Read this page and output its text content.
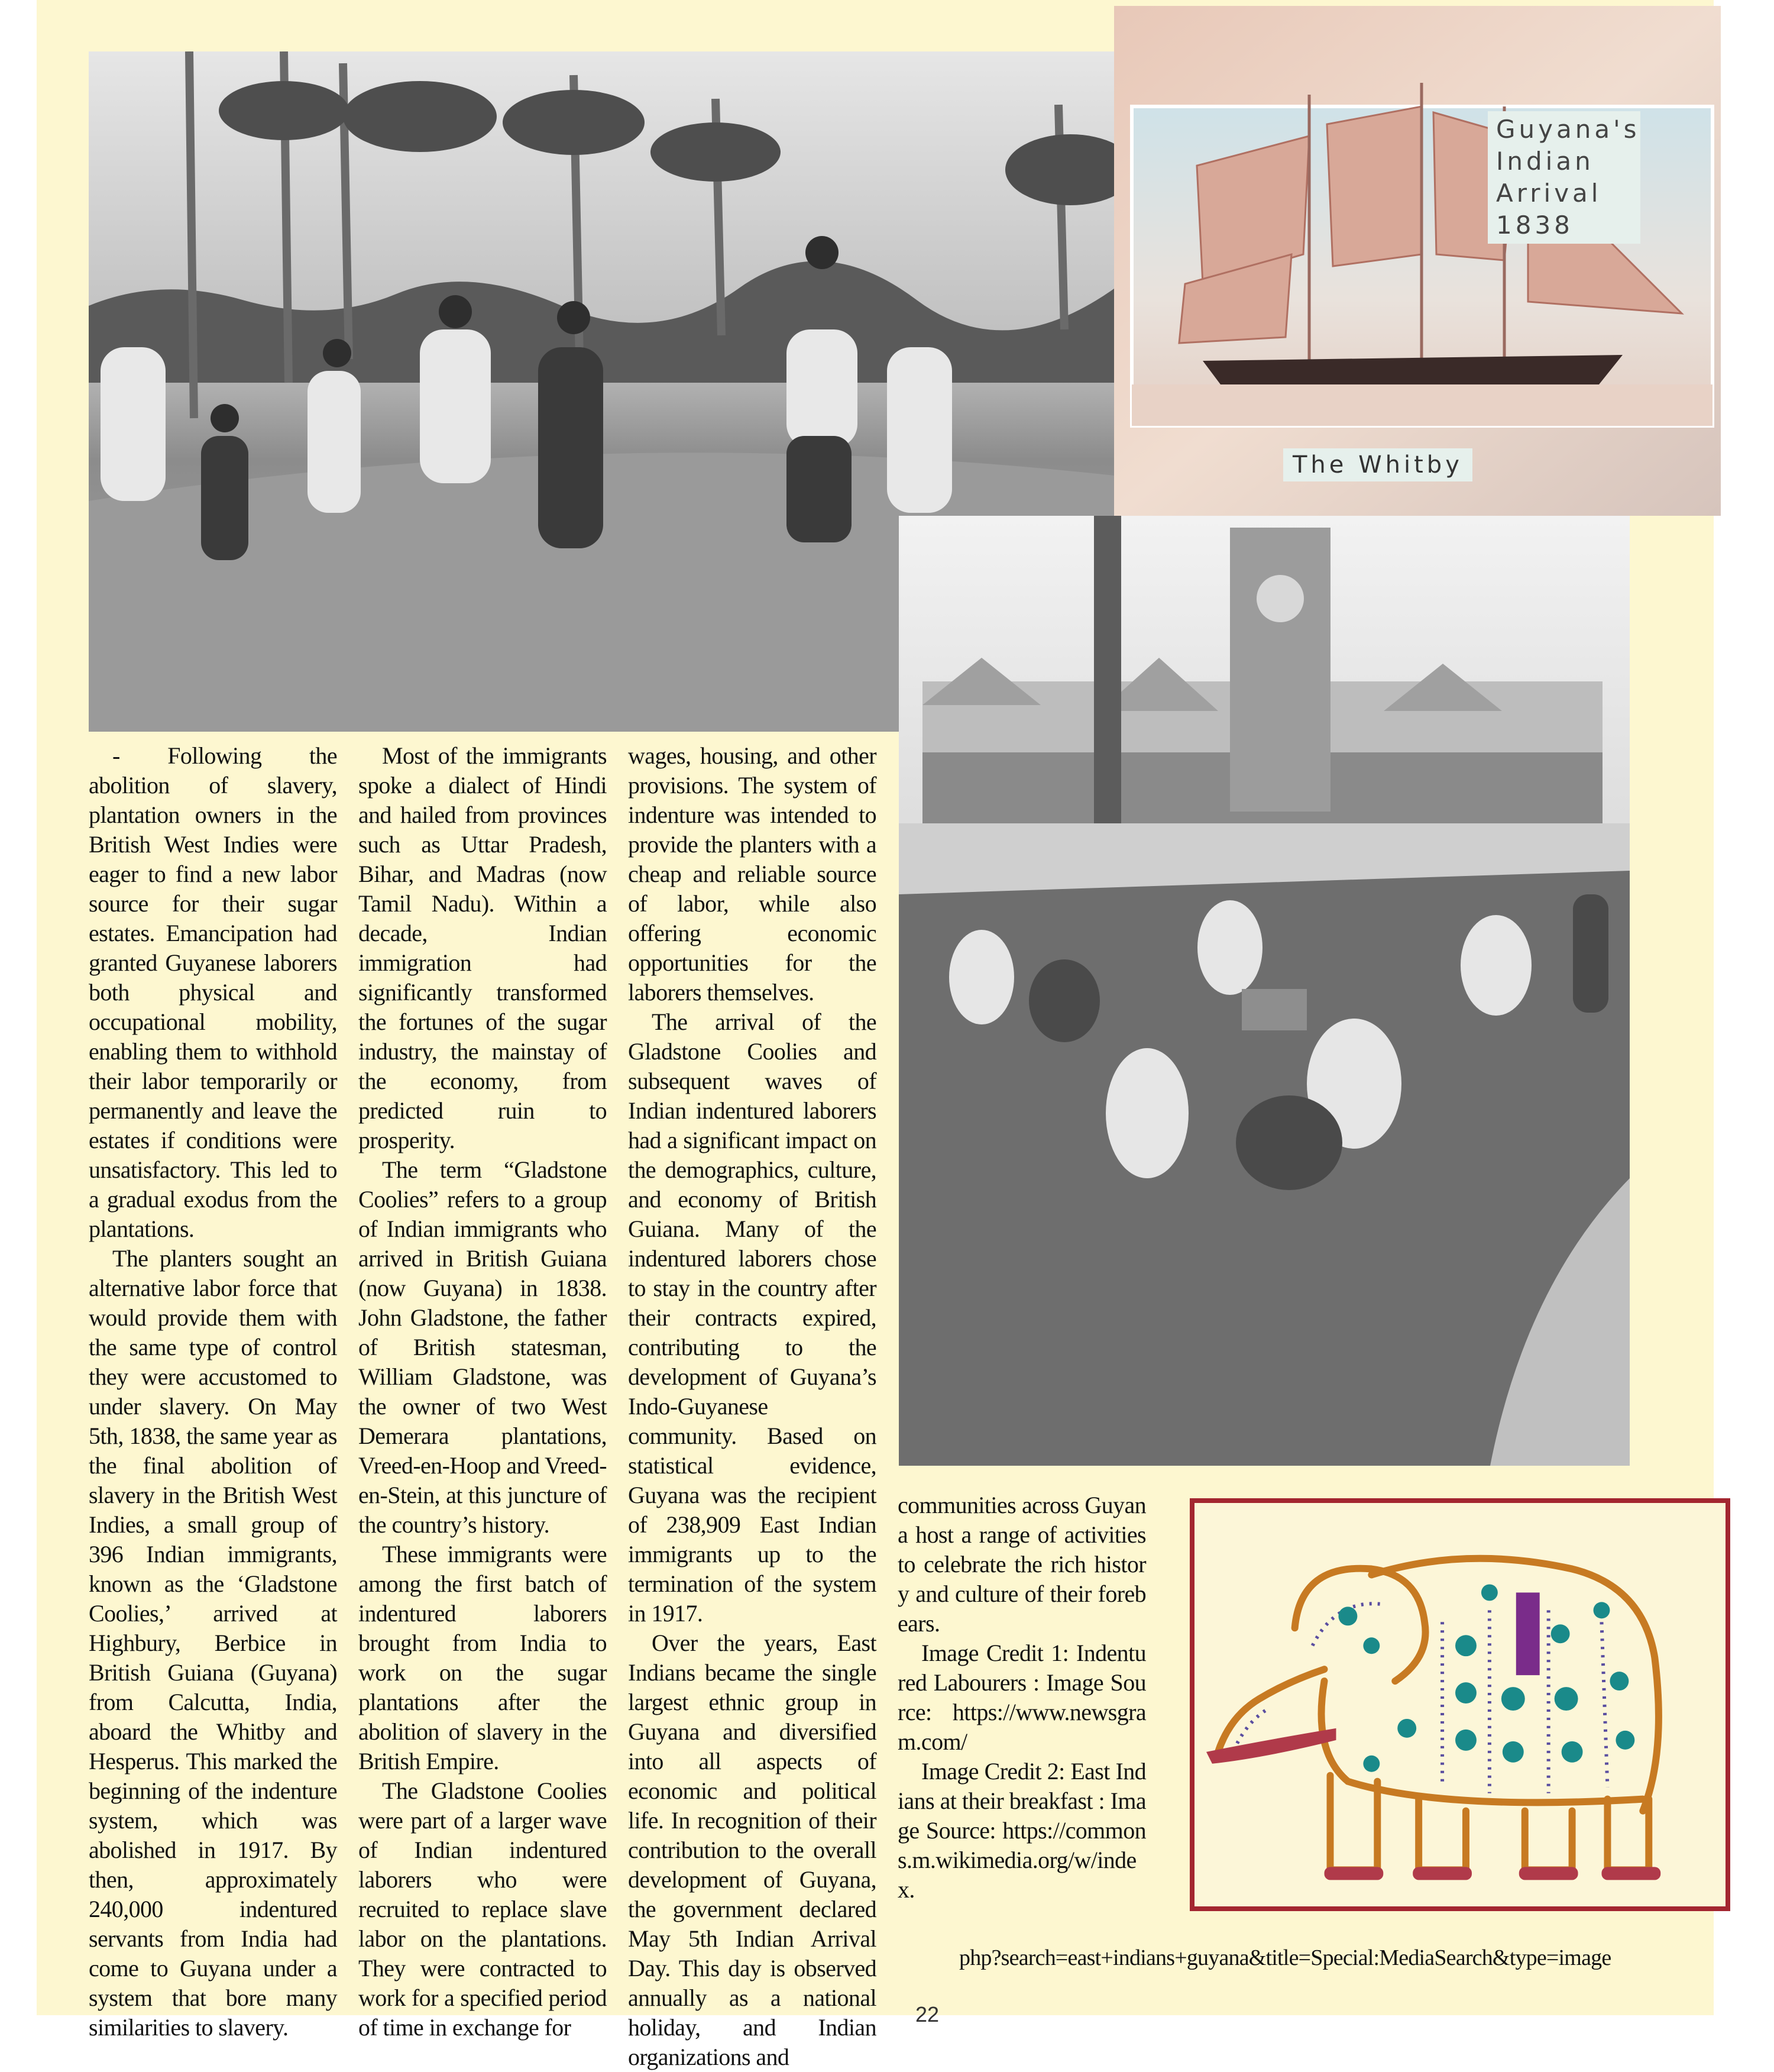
Guyana's
Indian
Arrival
1838
The Whitby

- Following the abolition of slavery, plantation owners in the British West Indies were eager to find a new labor source for their sugar estates. Emancipation had granted Guyanese laborers both physical and occupational mobility, enabling them to withhold their labor temporarily or permanently and leave the estates if conditions were unsatisfactory. This led to a gradual exodus from the plantations.

The planters sought an alternative labor force that would provide them with the same type of control they were accustomed to under slavery. On May 5th, 1838, the same year as the final abolition of slavery in the British West Indies, a small group of 396 Indian immigrants, known as the ‘Gladstone Coolies,’ arrived at Highbury, Berbice in British Guiana (Guyana) from Calcutta, India, aboard the Whitby and Hesperus. This marked the beginning of the indenture system, which was abolished in 1917. By then, approximately 240,000 indentured servants from India had come to Guyana under a system that bore many similarities to slavery.

Most of the immigrants spoke a dialect of Hindi and hailed from provinces such as Uttar Pradesh, Bihar, and Madras (now Tamil Nadu). Within a decade, Indian immigration had significantly transformed the fortunes of the sugar industry, the mainstay of the economy, from predicted ruin to prosperity.

The term “Gladstone Coolies” refers to a group of Indian immigrants who arrived in British Guiana (now Guyana) in 1838. John Gladstone, the father of British statesman, William Gladstone, was the owner of two West Demerara plantations, Vreed-en-Hoop and Vreed-en-Stein, at this juncture of the country’s history.

These immigrants were among the first batch of indentured laborers brought from India to work on the sugar plantations after the abolition of slavery in the British Empire.

The Gladstone Coolies were part of a larger wave of Indian indentured laborers who were recruited to replace slave labor on the plantations. They were contracted to work for a specified period of time in exchange for

wages, housing, and other provisions. The system of indenture was intended to provide the planters with a cheap and reliable source of labor, while also offering economic opportunities for the laborers themselves.

The arrival of the Gladstone Coolies and subsequent waves of Indian indentured laborers had a significant impact on the demographics, culture, and economy of British Guiana. Many of the indentured laborers chose to stay in the country after their contracts expired, contributing to the development of Guyana’s Indo-Guyanese community. Based on statistical evidence, Guyana was the recipient of 238,909 East Indian immigrants up to the termination of the system in 1917.

Over the years, East Indians became the single largest ethnic group in Guyana and diversified into all aspects of economic and political life. In recognition of their contribution to the overall development of Guyana, the government declared May 5th Indian Arrival Day. This day is observed annually as a national holiday, and Indian organizations and

communities across Guyana host a range of activities to celebrate the rich history and culture of their forebears.

Image Credit 1: Indentured Labourers : Image Source: https://www.newsgram.com/

Image Credit 2: East Indians at their breakfast : Image Source: https://commons.m.wikimedia.org/w/index.

php?search=east+indians+guyana&title=Special:MediaSearch&type=image
22
